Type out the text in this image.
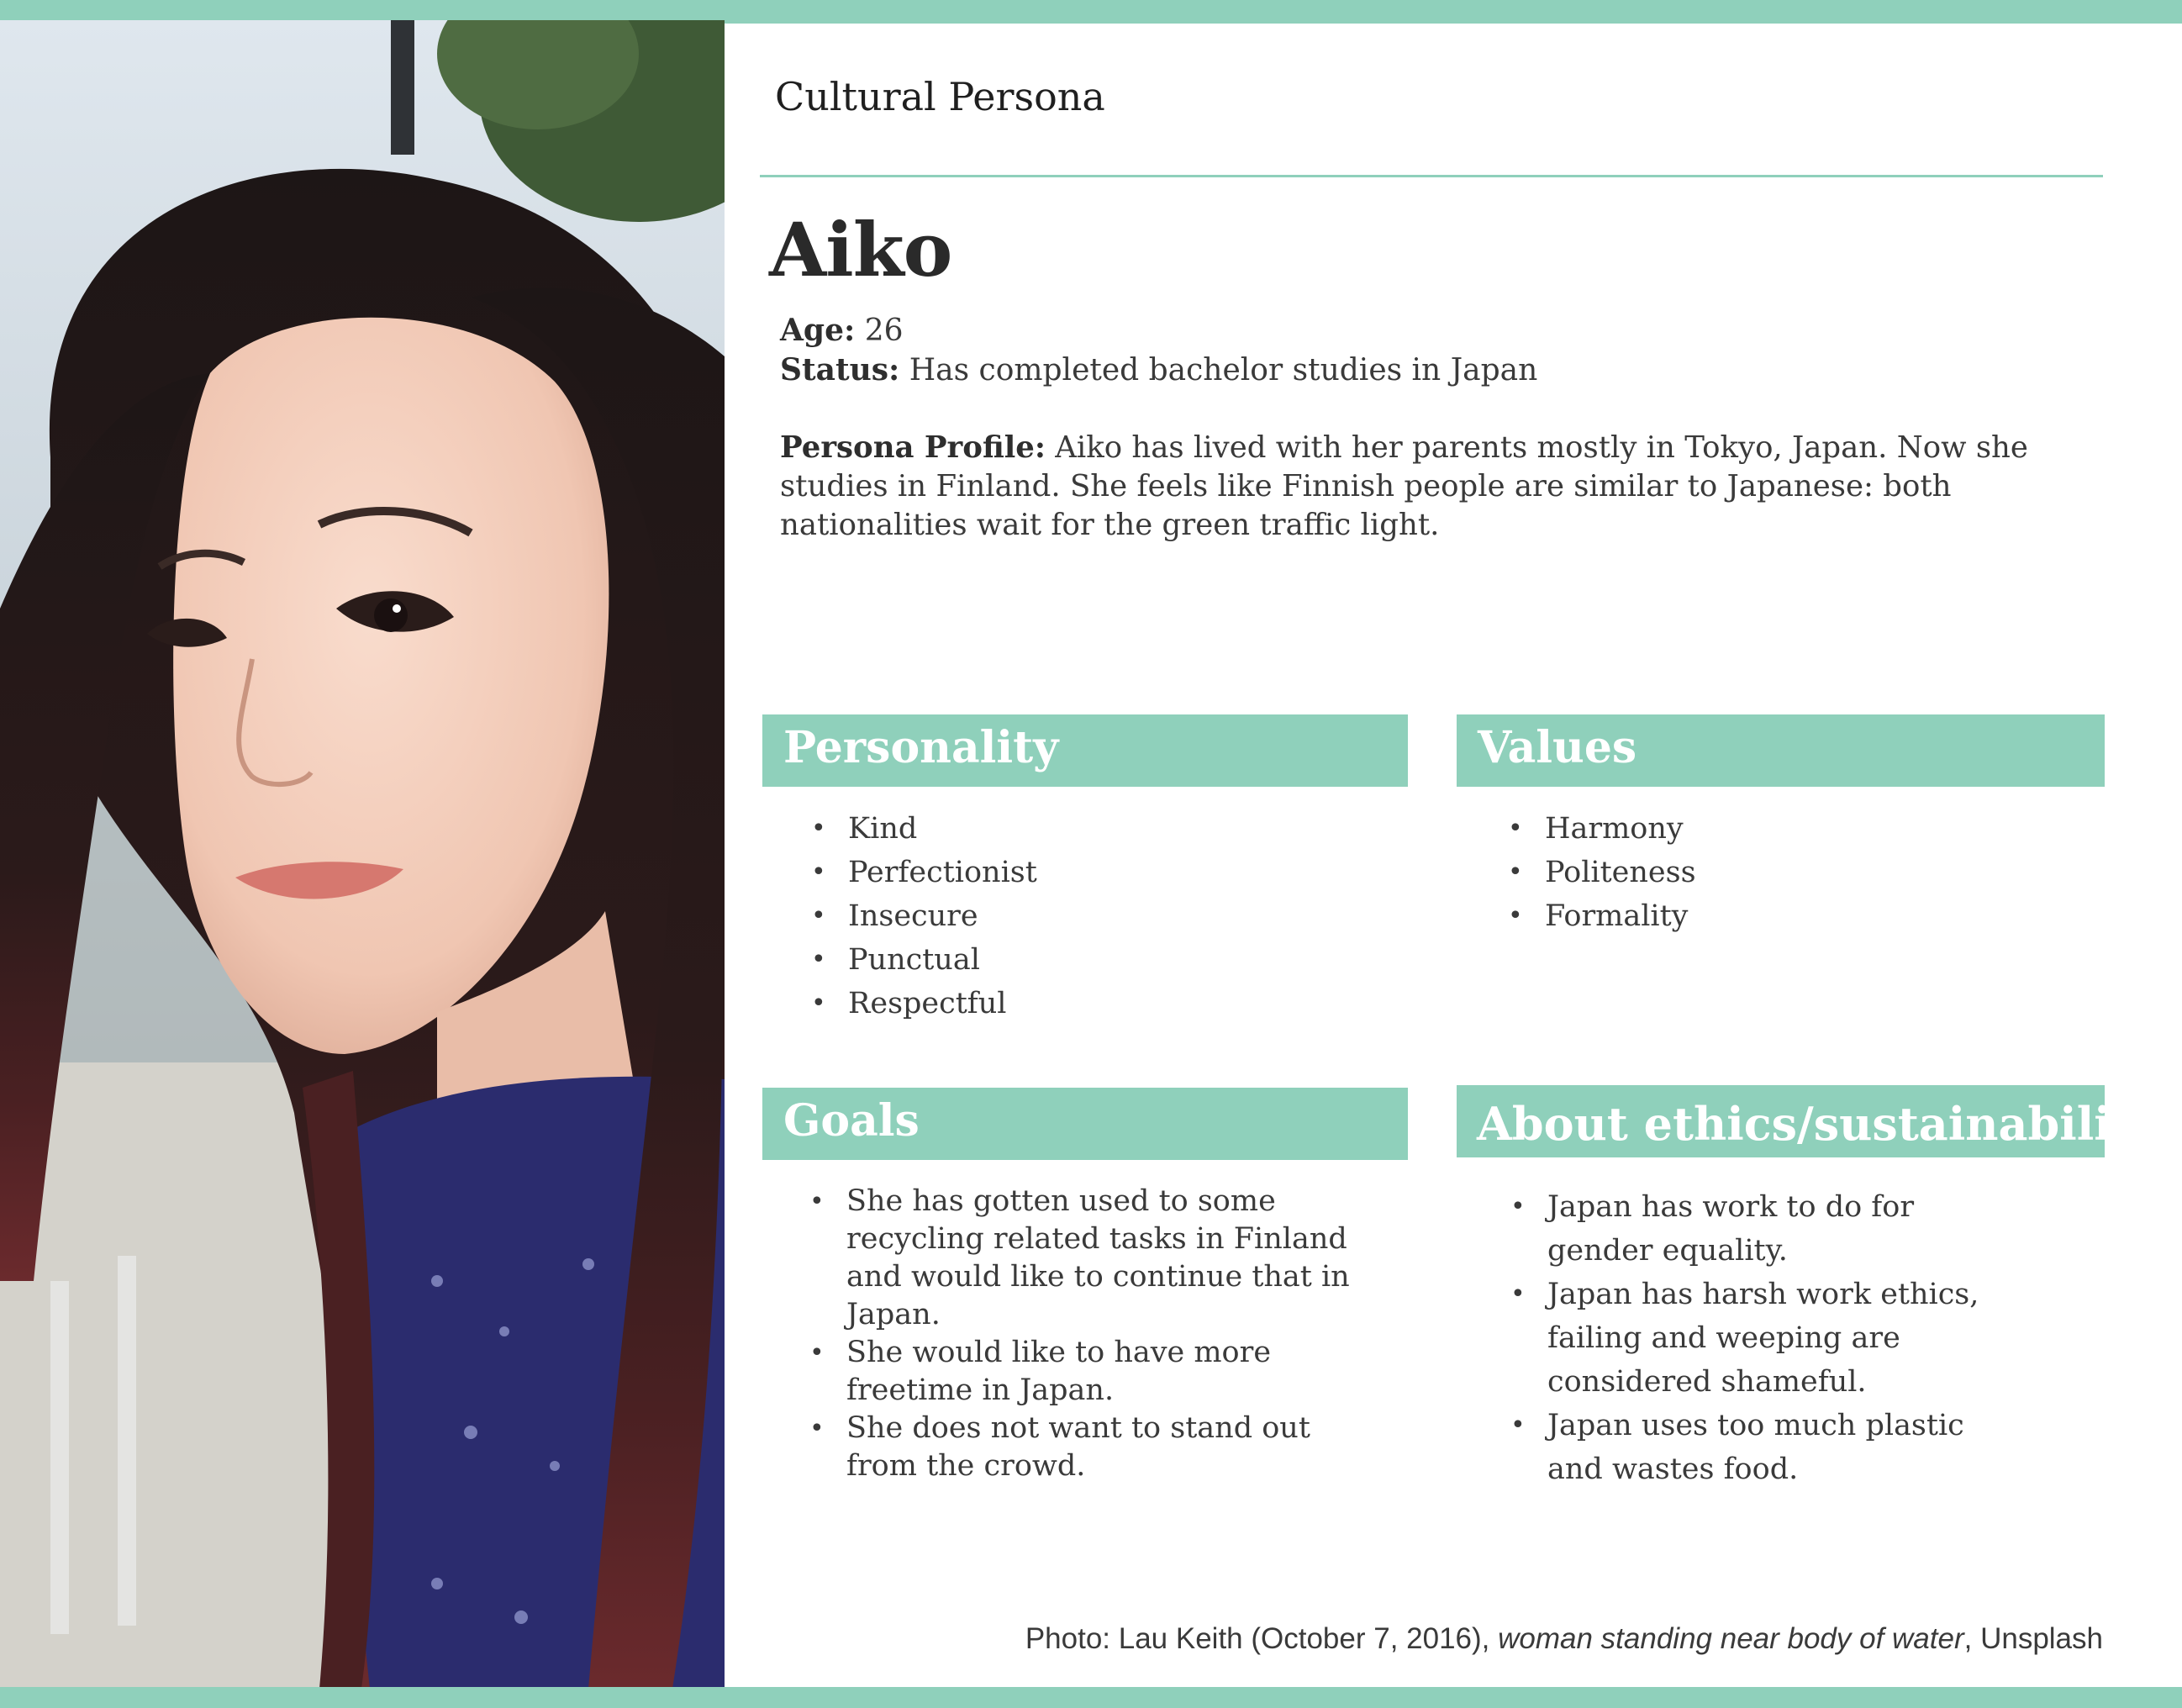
Cultural Persona
Aiko
Age: 26
Status: Has completed bachelor studies in Japan
Persona Profile: Aiko has lived with her parents mostly in Tokyo, Japan. Now she studies in Finland. She feels like Finnish people are similar to Japanese: both nationalities wait for the green traffic light.
Personality
• Kind
• Perfectionist
• Insecure
• Punctual
• Respectful
Values
• Harmony
• Politeness
• Formality
Goals
• She has gotten used to some recycling related tasks in Finland and would like to continue that in Japan.
• She would like to have more freetime in Japan.
• She does not want to stand out from the crowd.
About ethics/sustainability
• Japan has work to do for gender equality.
• Japan has harsh work ethics, failing and weeping are considered shameful.
• Japan uses too much plastic and wastes food.
Photo: Lau Keith (October 7, 2016), woman standing near body of water, Unsplash
